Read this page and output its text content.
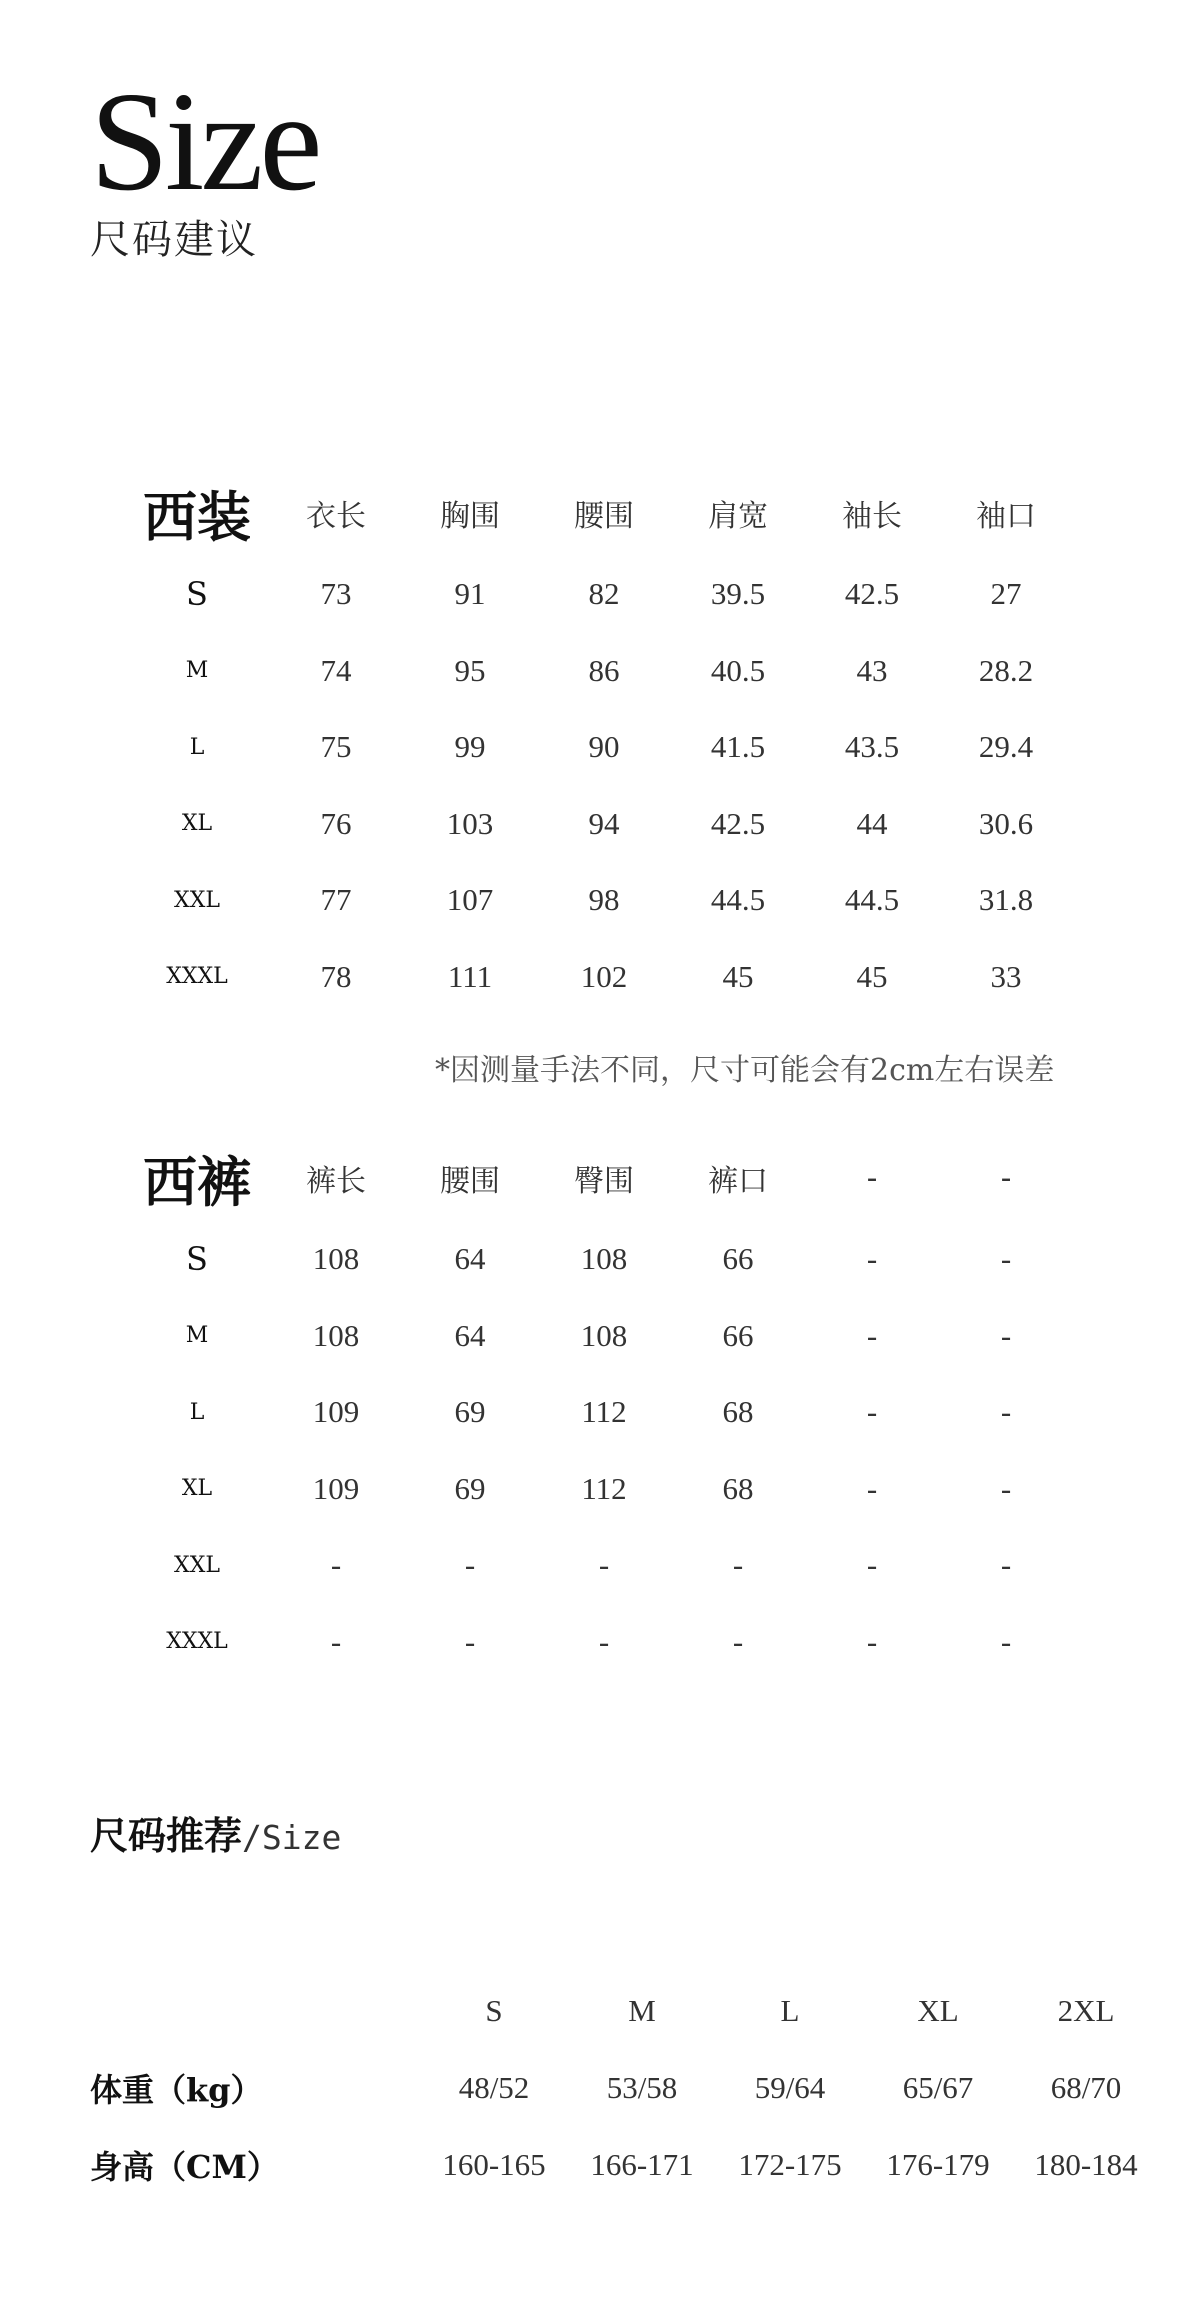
Size
尺码建议
	西装	衣长	胸围	腰围	肩宽	袖长	袖口	
	S	73	91	82	39.5	42.5	27	
	M	74	95	86	40.5	43	28.2	
	L	75	99	90	41.5	43.5	29.4	
	XL	76	103	94	42.5	44	30.6	
	XXL	77	107	98	44.5	44.5	31.8	
	XXXL	78	111	102	45	45	33	
*因测量手法不同，尺寸可能会有2cm左右误差
	西裤	裤长	腰围	臀围	裤口	-	-	
	S	108	64	108	66	-	-	
	M	108	64	108	66	-	-	
	L	109	69	112	68	-	-	
	XL	109	69	112	68	-	-	
	XXL	-	-	-	-	-	-	
	XXXL	-	-	-	-	-	-	
尺码推荐/Size
	S	M	L	XL	2XL	
体重（kg）	48/52	53/58	59/64	65/67	68/70	
身高（CM）	160-165	166-171	172-175	176-179	180-184	
